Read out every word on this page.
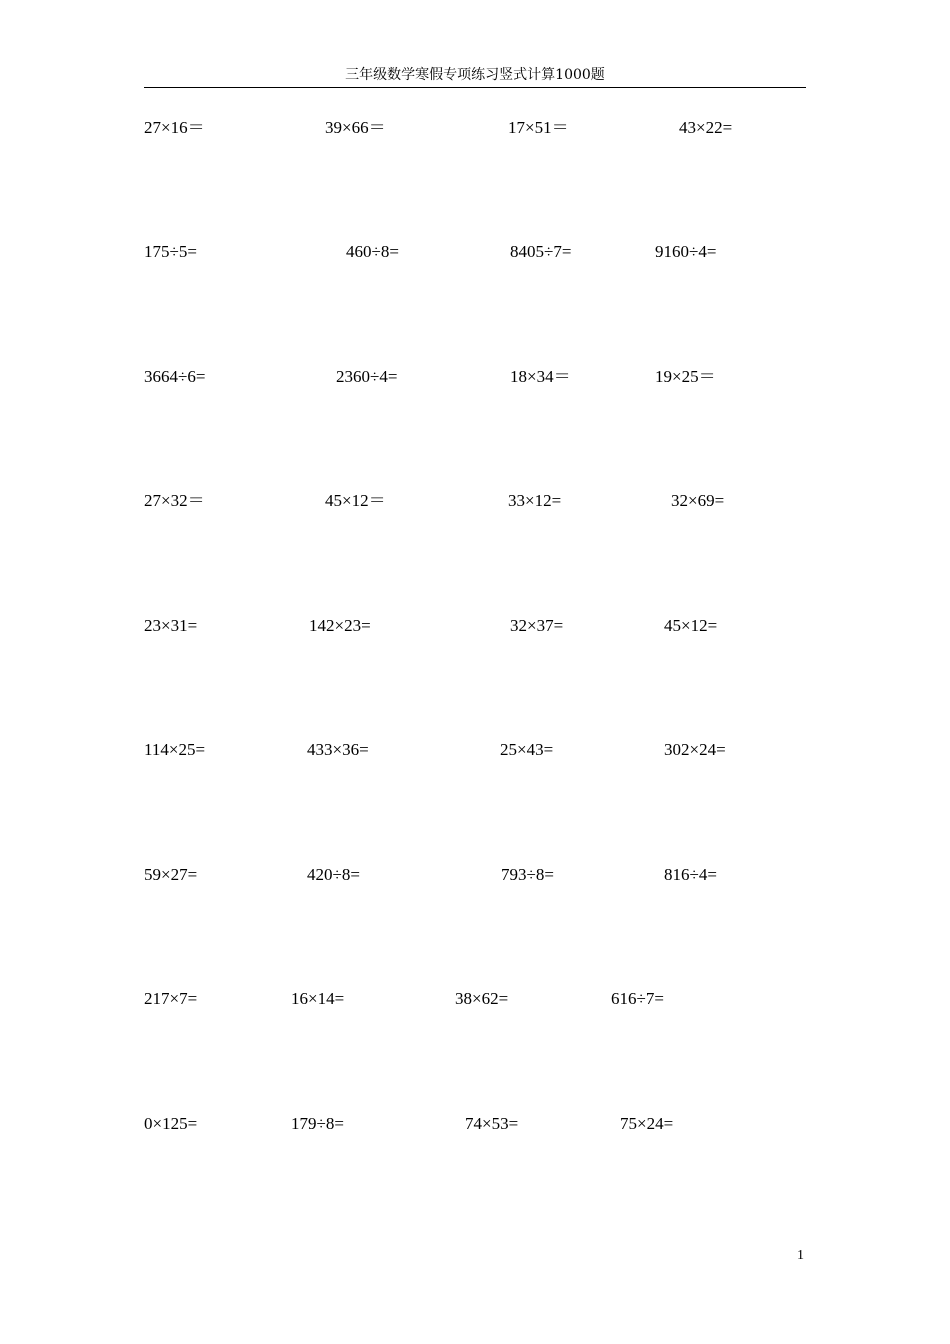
三年级数学寒假专项练习竖式计算1000题
27×16＝	39×66＝	17×51＝	43×22=
175÷5=	460÷8=	8405÷7=	9160÷4=
3664÷6=	2360÷4=	18×34＝	19×25＝
27×32＝	45×12＝	33×12=	32×69=
23×31=	142×23=	32×37=	45×12=
114×25=	433×36=	25×43=	302×24=
59×27=	420÷8=	793÷8=	816÷4=
217×7=	16×14=	38×62=	616÷7=
0×125=	179÷8=	74×53=	75×24=
1
